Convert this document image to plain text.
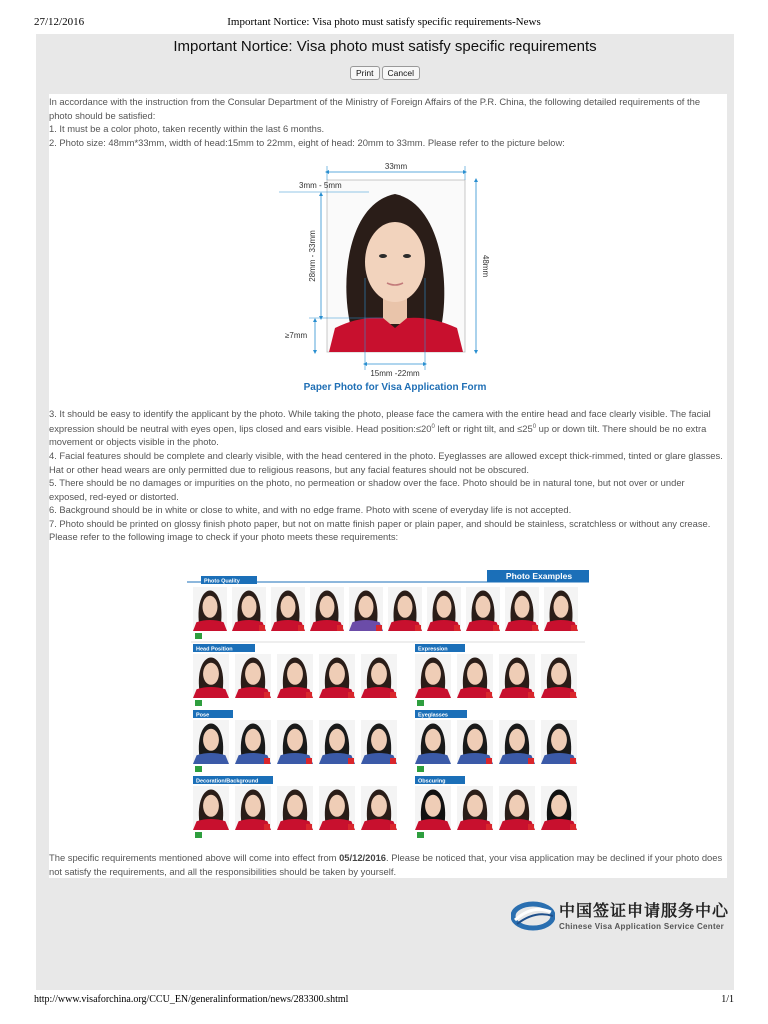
27/12/2016	Important Nortice: Visa photo must satisfy specific requirements-News
Important Nortice: Visa photo must satisfy specific requirements
Print Cancel

In accordance with the instruction from the Consular Department of the Ministry of Foreign Affairs of the P.R. China, the following detailed requirements of the photo should be satisfied:

1. It must be a color photo, taken recently within the last 6 months.

2. Photo size: 48mm*33mm, width of head:15mm to 22mm, eight of head: 20mm to 33mm. Please refer to the picture below:

33mm
48mm
3mm - 5mm
28mm - 33mm
≥7mm
15mm -22mm
Paper Photo for Visa Application Form

3. It should be easy to identify the applicant by the photo. While taking the photo, please face the camera with the entire head and face clearly visible. The facial expression should be neutral with eyes open, lips closed and ears visible. Head $position:\le 20^0$ left or right tilt, and $\le 25^0$ up or down tilt. There should be no extra movement or objects visible in the photo.

4. Facial features should be complete and clearly visible, with the head centered in the photo. Eyeglasses are allowed except thick-rimmed, tinted or glare glasses. Hat or other head wears are only permitted due to religious reasons, but any facial features should not be obscured.

5. There should be no damages or impurities on the photo, no permeation or shadow over the face. Photo should be in natural tone, but not over or under exposed, red-eyed or distorted.

6. Background should be in white or close to white, and with no edge frame. Photo with scene of everyday life is not accepted.

7. Photo should be printed on glossy finish photo paper, but not on matte finish paper or plain paper, and should be stainless, scratchless or without any crease.

Please refer to the following image to check if your photo meets these requirements:

Photo Examples
Photo Quality
Head Position	Expression
Pose	Eyeglasses
Decoration/Background	Obscuring

The specific requirements mentioned above will come into effect from 05/12/2016. Please be noticed that, your visa application may be declined if your photo does not satisfy the requirements, and all the responsibilities should be taken by yourself.

中国签证申请服务中心
Chinese Visa Application Service Center
http://www.visaforchina.org/CCU_EN/generalinformation/news/283300.shtml	1/1
